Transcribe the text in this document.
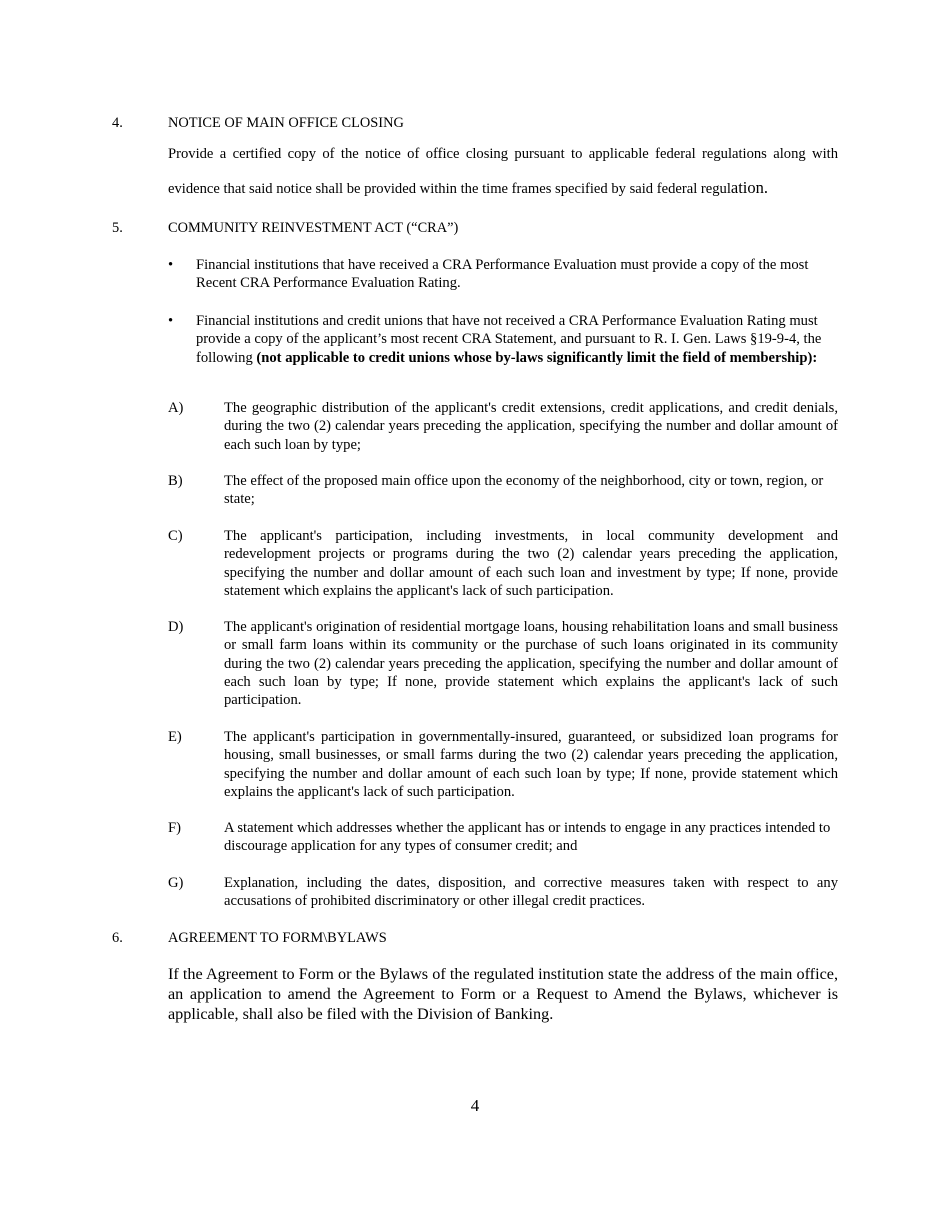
4.	NOTICE OF MAIN OFFICE CLOSING
Provide a certified copy of the notice of office closing pursuant to applicable federal regulations along with evidence that said notice shall be provided within the time frames specified by said federal regulation.
5.	COMMUNITY REINVESTMENT ACT (“CRA”)
• Financial institutions that have received a CRA Performance Evaluation must provide a copy of the most Recent CRA Performance Evaluation Rating.
• Financial institutions and credit unions that have not received a CRA Performance Evaluation Rating must provide a copy of the applicant’s most recent CRA Statement, and pursuant to R. I. Gen. Laws §19-9-4, the following (not applicable to credit unions whose by-laws significantly limit the field of membership):
A)	The geographic distribution of the applicant's credit extensions, credit applications, and credit denials, during the two (2) calendar years preceding the application, specifying the number and dollar amount of each such loan by type;
B)	The effect of the proposed main office upon the economy of the neighborhood, city or town, region, or state;
C)	The applicant's participation, including investments, in local community development and redevelopment projects or programs during the two (2) calendar years preceding the application, specifying the number and dollar amount of each such loan and investment by type; If none, provide statement which explains the applicant's lack of such participation.
D)	The applicant's origination of residential mortgage loans, housing rehabilitation loans and small business or small farm loans within its community or the purchase of such loans originated in its community during the two (2) calendar years preceding the application, specifying the number and dollar amount of each such loan by type; If none, provide statement which explains the applicant's lack of such participation.
E)	The applicant's participation in governmentally-insured, guaranteed, or subsidized loan programs for housing, small businesses, or small farms during the two (2) calendar years preceding the application, specifying the number and dollar amount of each such loan by type; If none, provide statement which explains the applicant's lack of such participation.
F)	A statement which addresses whether the applicant has or intends to engage in any practices intended to discourage application for any types of consumer credit; and
G)	Explanation, including the dates, disposition, and corrective measures taken with respect to any accusations of prohibited discriminatory or other illegal credit practices.
6.	AGREEMENT TO FORM\BYLAWS
If the Agreement to Form or the Bylaws of the regulated institution state the address of the main office, an application to amend the Agreement to Form or a Request to Amend the Bylaws, whichever is applicable, shall also be filed with the Division of Banking.
4
